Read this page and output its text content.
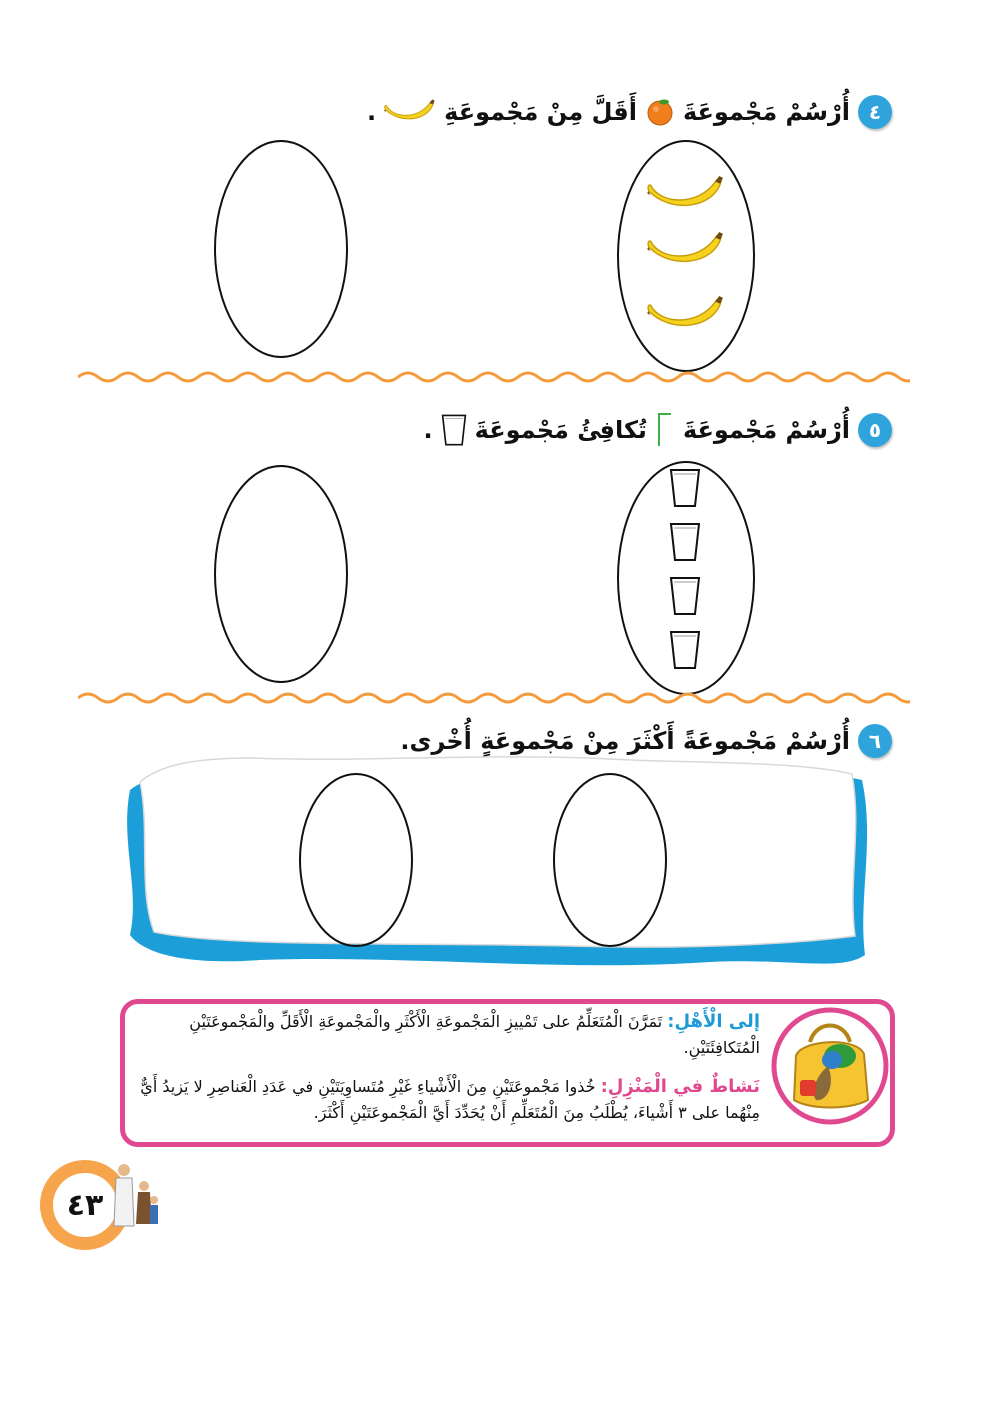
٤
أُرْسُمْ مَجْموعَةَ
أَقَلَّ مِنْ مَجْموعَةِ
.
٥
أُرْسُمْ مَجْموعَةَ
تُكافِئُ مَجْموعَةَ
.
٦
أُرْسُمْ مَجْموعَةً أَكْثَرَ مِنْ مَجْموعَةٍ أُخْرى.

إلى الْأَهْلِ: تَمَرَّنَ الْمُتَعَلِّمُ على تَمْييزِ الْمَجْموعَةِ الْأَكْثَرِ والْمَجْموعَةِ الْأَقَلِّ والْمَجْموعَتَيْنِ الْمُتَكافِئَتَيْنِ.

نَشاطٌ في الْمَنْزِلِ: خُذوا مَجْموعَتَيْنِ مِنَ الْأَشْياءِ غَيْرِ مُتَساوِيَتَيْنِ في عَدَدِ الْعَناصِرِ لا يَزيدُ أَيٌّ مِنْهُما على ٣ أَشْياءَ، يُطْلَبُ مِنَ الْمُتَعَلِّمِ أَنْ يُحَدِّدَ أَيَّ الْمَجْموعَتَيْنِ أَكْثَرَ.

٤٣
